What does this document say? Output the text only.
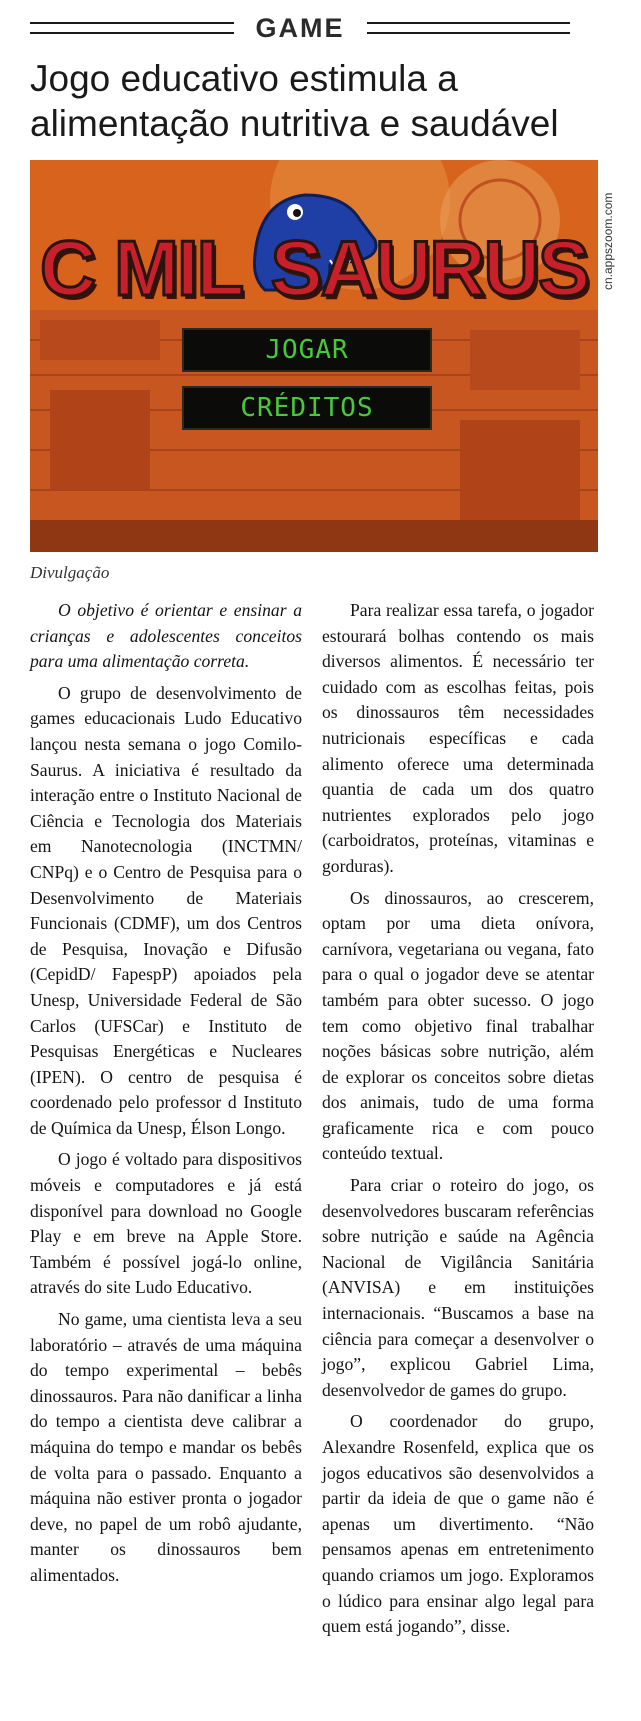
GAME
Jogo educativo estimula a alimentação nutritiva e saudável
C MIL SAURUS
JOGAR
CRÉDITOS
cn.appszoom.com
Divulgação

O objetivo é orientar e ensinar a crianças e adolescentes conceitos para uma alimentação correta.

O grupo de desenvolvimento de games educacionais Ludo Educativo lançou nesta semana o jogo Comilo-Saurus. A iniciativa é resultado da interação entre o Instituto Nacional de Ciência e Tecnologia dos Materiais em Nanotecnologia (INCTMN/ CNPq) e o Centro de Pesquisa para o Desenvolvimento de Materiais Funcionais (CDMF), um dos Centros de Pesquisa, Inovação e Difusão (CepidD/ FapespP) apoiados pela Unesp, Universidade Federal de São Carlos (UFSCar) e Instituto de Pesquisas Energéticas e Nucleares (IPEN). O centro de pesquisa é coordenado pelo professor d Instituto de Química da Unesp, Élson Longo.

O jogo é voltado para dispositivos móveis e computadores e já está disponível para download no Google Play e em breve na Apple Store. Também é possível jogá-lo online, através do site Ludo Educativo.

No game, uma cientista leva a seu laboratório – através de uma máquina do tempo experimental – bebês dinossauros. Para não danificar a linha do tempo a cientista deve calibrar a máquina do tempo e mandar os bebês de volta para o passado. Enquanto a máquina não estiver pronta o jogador deve, no papel de um robô ajudante, manter os dinossauros bem alimentados.

Para realizar essa tarefa, o jogador estourará bolhas contendo os mais diversos alimentos. É necessário ter cuidado com as escolhas feitas, pois os dinossauros têm necessidades nutricionais específicas e cada alimento oferece uma determinada quantia de cada um dos quatro nutrientes explorados pelo jogo (carboidratos, proteínas, vitaminas e gorduras).

Os dinossauros, ao crescerem, optam por uma dieta onívora, carnívora, vegetariana ou vegana, fato para o qual o jogador deve se atentar também para obter sucesso. O jogo tem como objetivo final trabalhar noções básicas sobre nutrição, além de explorar os conceitos sobre dietas dos animais, tudo de uma forma graficamente rica e com pouco conteúdo textual.

Para criar o roteiro do jogo, os desenvolvedores buscaram referências sobre nutrição e saúde na Agência Nacional de Vigilância Sanitária (ANVISA) e em instituições internacionais. “Buscamos a base na ciência para começar a desenvolver o jogo”, explicou Gabriel Lima, desenvolvedor de games do grupo.

O coordenador do grupo, Alexandre Rosenfeld, explica que os jogos educativos são desenvolvidos a partir da ideia de que o game não é apenas um divertimento. “Não pensamos apenas em entretenimento quando criamos um jogo. Exploramos o lúdico para ensinar algo legal para quem está jogando”, disse.
